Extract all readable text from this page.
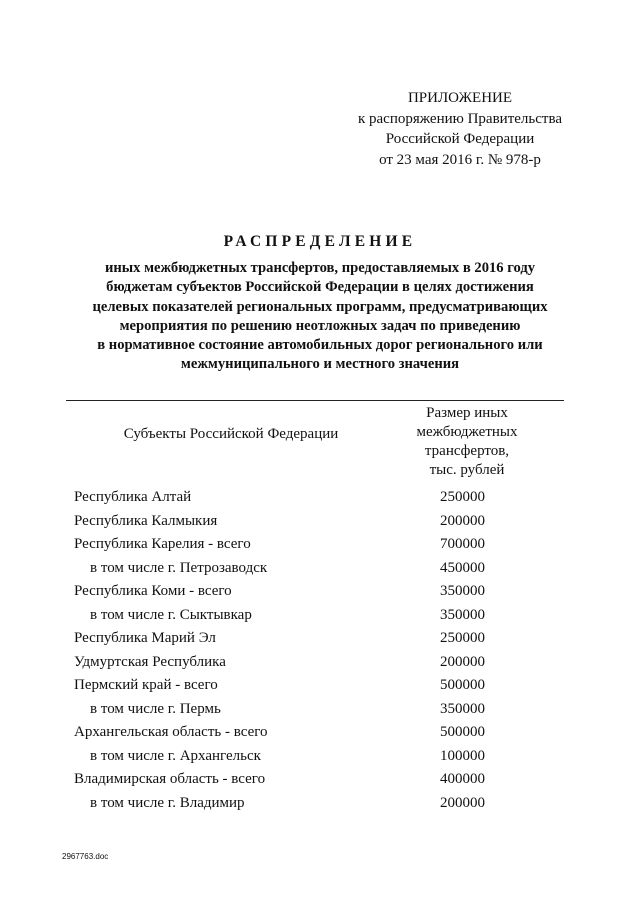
ПРИЛОЖЕНИЕ
к распоряжению Правительства
Российской Федерации
от 23 мая 2016 г. № 978-р
РАСПРЕДЕЛЕНИЕ
иных межбюджетных трансфертов, предоставляемых в 2016 году
бюджетам субъектов Российской Федерации в целях достижения
целевых показателей региональных программ, предусматривающих
мероприятия по решению неотложных задач по приведению
в нормативное состояние автомобильных дорог регионального или
межмуниципального и местного значения
Субъекты Российской Федерации
Размер иных
межбюджетных
трансфертов,
тыс. рублей
Республика Алтай	250000
Республика Калмыкия	200000
Республика Карелия - всего	700000
в том числе г. Петрозаводск	450000
Республика Коми - всего	350000
в том числе г. Сыктывкар	350000
Республика Марий Эл	250000
Удмуртская Республика	200000
Пермский край - всего	500000
в том числе г. Пермь	350000
Архангельская область - всего	500000
в том числе г. Архангельск	100000
Владимирская область - всего	400000
в том числе г. Владимир	200000
2967763.doc
